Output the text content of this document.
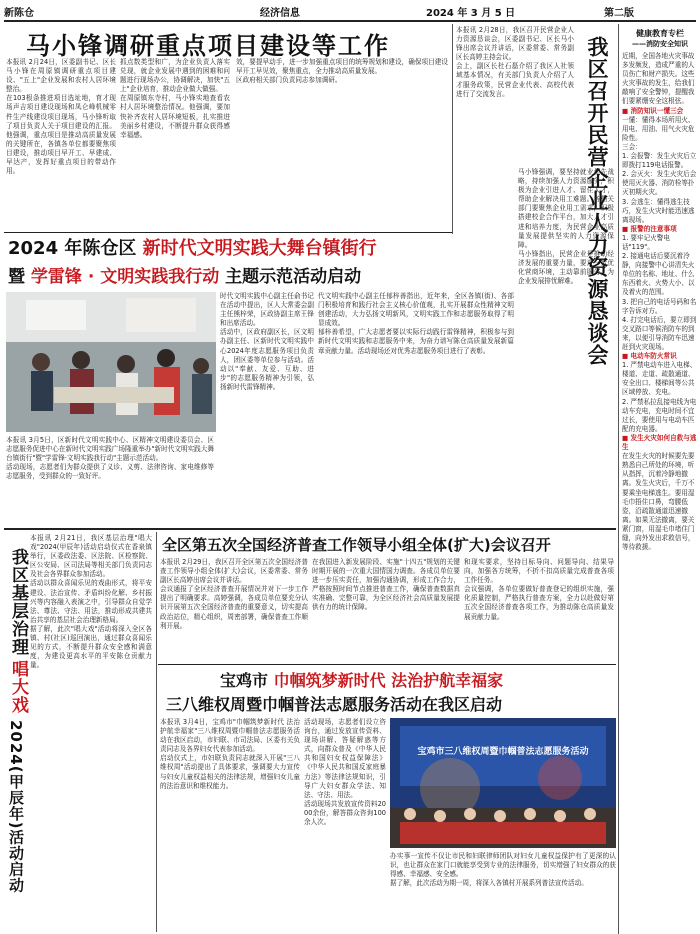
新陈仓	经济信息	2024 年 3 月 5 日	第二版
马小锋调研重点项目建设等工作
本报讯 2月24日，区委副书记、区长马小锋在周原镇调研重点项目建设、"五上"企业发展和农村人居环境整治。
在103根条推进项目选址地，育才现场声吉项目建设现场和凤仑峰机械零件生产线建设项目现场，马小锋听取了项目负责人关于项目建设的汇报。他强调，重点项目是推动高质量发展的关键所在，各镇各单位都要聚焦项目建设，推动项目早开工、早建成、早达产，发挥好重点项目的带动作用。
抓点数类型和广，为企业负责人落实兑现，就企业发展中遇到的困难和问题进行现场办公，协调解决，加快"五上"企业培育，推动企业做大做强。
在周原镇东寺村，马小锋实地查看农村人居环境整治情况。他强调，要加快补齐农村人居环境短板，扎实推进美丽乡村建设，不断提升群众获得感幸福感。
效，要提早动手，进一步加强重点项目的统筹规划和建设，确保项目建设早开工早见效，聚焦重点，全力推动高质量发展。
区政府相关部门负责同志参加调研。
本报讯 2月28日，我区召开民营企业人力资源恳谈会，区委副书记、区长马小锋出席会议并讲话，区委常委、常务副区长高婷主持会议。
会上，副区长杜石磊介绍了我区人社领域基本情况，有关部门负责人介绍了人才服务政策，民营企业代表、高校代表进行了交流发言。	我区召开民营企业人力资源恳谈会
马小锋强调，要坚持就业优先战略，持续加强人力资源服务，积极为企业引进人才、留住人才，帮助企业解决用工难题。各相关部门要聚焦企业用工需求，积极搭建校企合作平台，加大人才引进和培养力度，为民营企业高质量发展提供坚实的人力资源保障。
马小锋指出，民营企业是推动经济发展的重要力量，要进一步优化营商环境，主动靠前服务，为企业发展排忧解难。
健康教育专栏
——消防安全知识
近期，全国各地火灾事故多发频发，造成严重的人员伤亡和财产损失。这些火灾事故的发生，给我们敲响了安全警钟，提醒我们要紧绷安全这根弦。
■ 消防知识一懂三会
一懂：懂得本场所用火、用电、用油、用气火灾危险性。
三会：
1. 会报警：发生火灾后立即拨打119电话报警。
2. 会灭火：发生火灾后会使用灭火器、消防栓等扑灭初期火灾。
3. 会逃生：懂得逃生技巧，发生火灾时能迅速逃离现场。
■ 报警的注意事项
1. 要牢记火警电话"119"。
2. 接通电话后要沉着冷静，向接警中心讲清失火单位的名称、地址、什么东西着火、火势大小、以及着火的范围。
3. 把自己的电话号码和名字告诉对方。
4. 打完电话后，要立即到交叉路口等候消防车的到来，以便引导消防车迅速赶到火灾现场。
■ 电动车防火常识
1. 严禁电动车进入电梯、楼道、走道、疏散通道、安全出口、楼梯间等公共区域停放、充电。
2. 严禁私拉乱接电线为电动车充电，充电时间不宜过长，要使用与电动车匹配的充电器。
■ 发生火灾如何自救与逃生
在发生火灾的时候要先要熟悉自己所处的环境，听从指挥，沉着冷静地撤离。发生火灾后，千万不要乘坐电梯逃生。要用湿毛巾捂住口鼻，弯腰低姿，沿疏散通道迅速撤离。如果无法撤离，要关紧门窗，用湿毛巾堵住门缝，向外发出求救信号，等待救援。
2024 年陈仓区 新时代文明实践大舞台镇街行
暨 学雷锋 · 文明实践我行动 主题示范活动启动
本报讯 3月5日，区新时代文明实践中心、区精神文明建设委员会、区志愿服务促进中心在新时代文明实践广场隆重举办"新时代文明实践大舞台镇街行"暨"学雷锋·文明实践我行动"主题示范活动。
活动现场，志愿者们为群众提供了义诊、义剪、法律咨询、家电维修等志愿服务，受到群众的一致好评。
时代文明实践中心副主任俞书记在活动中提出，区人大常委会副主任熊梓荣，区政协副主席王锋和出席活动。
活动中，区政府副区长，区文明办副主任、区新时代文明实践中心2024年度志愿服务项目负责人，团区委等单位参与活动。活动以"奉献、友爱、互助、进步"的志愿服务精神为引领，弘扬新时代雷锋精神。
代文明实践中心副主任郁梓善指出，近年来，全区各镇(街)、各部门积极培育和践行社会主义核心价值观，扎实开展群众性精神文明创建活动，大力弘扬文明新风，文明实践工作和志愿服务取得了明显成效。
郁梓善希望，广大志愿者要以实际行动践行雷锋精神，积极参与到新时代文明实践和志愿服务中来，为奋力谱写陈仓高质量发展新篇章贡献力量。活动现场还对优秀志愿服务项目进行了表彰。
我区基层治理
唱大戏
2024(甲辰年)活动启动
本报讯 2月21日，我区基层治理"唱大戏"2024(甲辰年)活动启动仪式在香泉镇举行，区委政法委、区法院、区检察院、区公安局、区司法局等相关部门负责同志及社会各界群众参加活动。
活动以群众喜闻乐见的戏曲形式，将平安建设、法治宣传、矛盾纠纷化解、乡村振兴等内容融入表演之中，引导群众自觉学法、尊法、守法、用法，推动形成共建共治共享的基层社会治理新格局。
据了解，此次"唱大戏"活动将深入全区各镇、村(社区)巡回演出，通过群众喜闻乐见的方式，不断提升群众安全感和满意度，为建设更高水平的平安陈仓贡献力量。
全区第五次全国经济普查工作领导小组全体(扩大)会议召开
本报讯 2月29日，我区召开全区第五次全国经济普查工作领导小组全体(扩大)会议，区委常委、常务副区长高婷出席会议并讲话。
会议通报了全区经济普查开展情况并对下一步工作提出了明确要求。高婷强调，各成员单位要充分认识开展第五次全国经济普查的重要意义，切实提高政治站位，精心组织，周密部署，确保普查工作顺利开展。
在我国进入新发展阶段、实施"十四五"规划的关键时期开展的一次重大国情国力调查。各成员单位要进一步压实责任，加强沟通协调，形成工作合力，严格按照时间节点推进普查工作，确保普查数据真实准确、完整可靠，为全区经济社会高质量发展提供有力的统计保障。
和现实要求，坚持目标导向、问题导向、结果导向，加强各方统筹，不折不扣高质量完成普查各项工作任务。
会议强调，各单位要做好普查登记的组织实施，强化质量控制，严格执行普查方案，全力以赴做好第五次全国经济普查各项工作，为推动陈仓高质量发展贡献力量。
宝鸡市 巾帼筑梦新时代 法治护航幸福家
三八维权周暨巾帼普法志愿服务活动在我区启动
本报讯 3月4日，宝鸡市"巾帼筑梦新时代 法治护航幸福家"三八维权周暨巾帼普法志愿服务活动在我区启动，市妇联、市司法局、区委有关负责同志及各界妇女代表参加活动。
启动仪式上，市妇联负责同志就深入开展"三八维权周"活动提出了具体要求，强调要大力宣传与妇女儿童权益相关的法律法规，增强妇女儿童的法治意识和维权能力。
活动现场，志愿者们设立咨询台，通过发放宣传资料、现场讲解、答疑解惑等方式，向群众普及《中华人民共和国妇女权益保障法》《中华人民共和国反家庭暴力法》等法律法规知识，引导广大妇女群众学法、知法、守法、用法。
活动现场共发放宣传资料2000余份，解答群众咨询100余人次。
宝鸡市三八维权周暨巾帼普法志愿服务活动
办实事一宣传不仅让市民和妇联律师团队对妇女儿童权益保护有了更深的认识，也让群众在家门口就能享受到专业的法律服务，切实增强了妇女群众的获得感、幸福感、安全感。
据了解，此次活动为期一周，将深入各镇村开展系列普法宣传活动。
